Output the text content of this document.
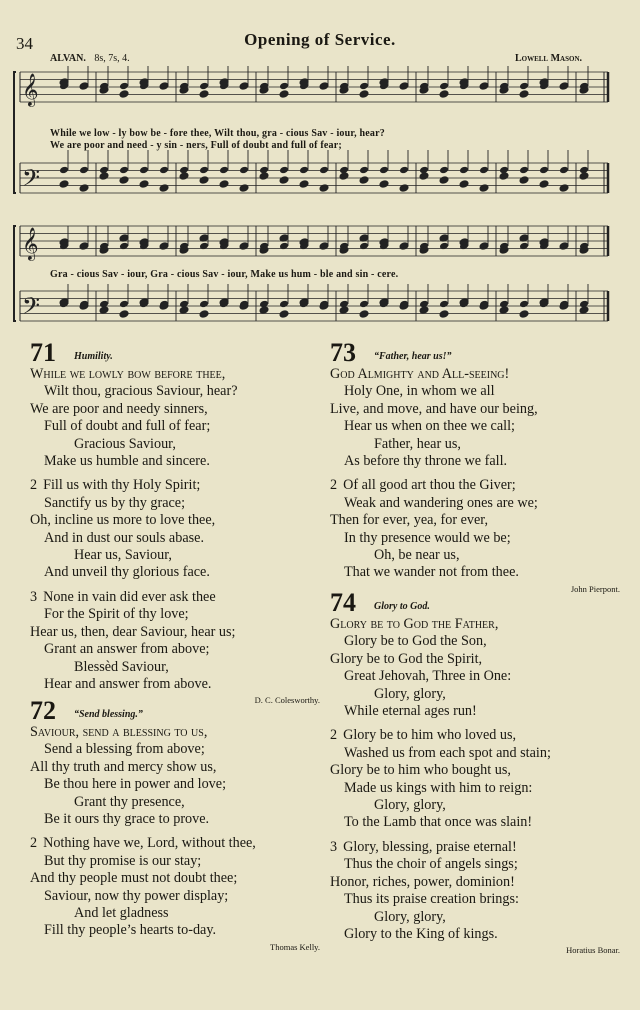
34	Opening of Service.
ALVAN. 8s, 7s, 4.	Lowell Mason.
𝄞
𝄢
𝄞
𝄢
While we low - ly bow be - fore thee, Wilt thou, gra - cious Sav - iour, hear?
We are poor and need - y sin - ners, Full of doubt and full of fear;
Gra - cious Sav - iour, Gra - cious Sav - iour, Make us hum - ble and sin - cere.
71 Humility.
While we lowly bow before thee,
Wilt thou, gracious Saviour, hear?
We are poor and needy sinners,
Full of doubt and full of fear;
Gracious Saviour,
Make us humble and sincere.
2 Fill us with thy Holy Spirit;
Sanctify us by thy grace;
Oh, incline us more to love thee,
And in dust our souls abase.
Hear us, Saviour,
And unveil thy glorious face.
3 None in vain did ever ask thee
For the Spirit of thy love;
Hear us, then, dear Saviour, hear us;
Grant an answer from above;
Blessèd Saviour,
Hear and answer from above.
D. C. Colesworthy.
72 “Send blessing.”
Saviour, send a blessing to us,
Send a blessing from above;
All thy truth and mercy show us,
Be thou here in power and love;
Grant thy presence,
Be it ours thy grace to prove.
2 Nothing have we, Lord, without thee,
But thy promise is our stay;
And thy people must not doubt thee;
Saviour, now thy power display;
And let gladness
Fill thy people’s hearts to-day.
Thomas Kelly.
73 “Father, hear us!”
God Almighty and All-seeing!
Holy One, in whom we all
Live, and move, and have our being,
Hear us when on thee we call;
Father, hear us,
As before thy throne we fall.
2 Of all good art thou the Giver;
Weak and wandering ones are we;
Then for ever, yea, for ever,
In thy presence would we be;
Oh, be near us,
That we wander not from thee.
John Pierpont.
74 Glory to God.
Glory be to God the Father,
Glory be to God the Son,
Glory be to God the Spirit,
Great Jehovah, Three in One:
Glory, glory,
While eternal ages run!
2 Glory be to him who loved us,
Washed us from each spot and stain;
Glory be to him who bought us,
Made us kings with him to reign:
Glory, glory,
To the Lamb that once was slain!
3 Glory, blessing, praise eternal!
Thus the choir of angels sings;
Honor, riches, power, dominion!
Thus its praise creation brings:
Glory, glory,
Glory to the King of kings.
Horatius Bonar.
